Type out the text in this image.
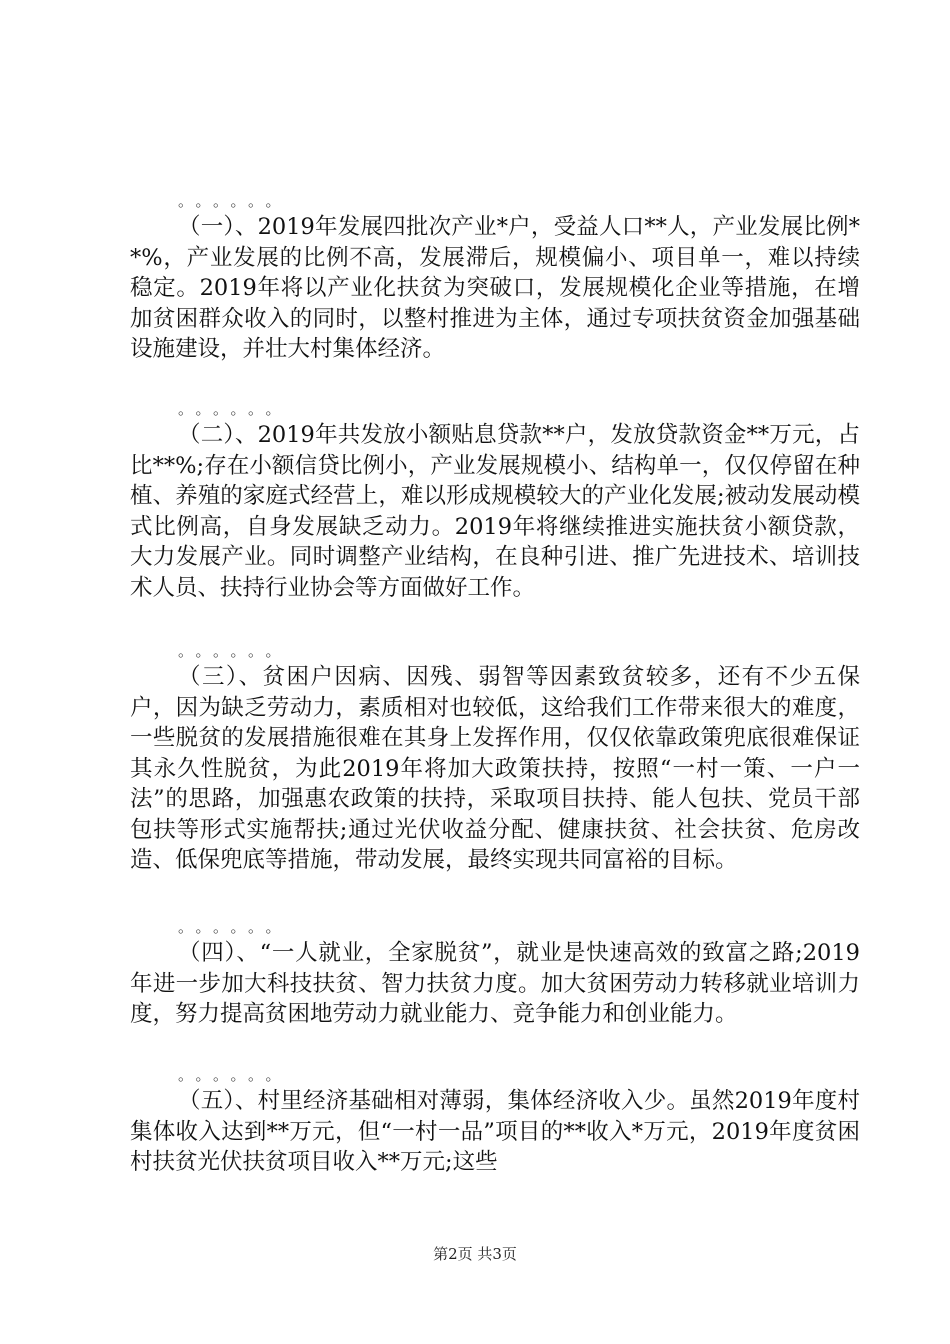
。。。。。。

（一）、2019年发展四批次产业*户，受益人口**人，产业发展比例**%，产业发展的比例不高，发展滞后，规模偏小、项目单一，难以持续稳定。2019年将以产业化扶贫为突破口，发展规模化企业等措施，在增加贫困群众收入的同时，以整村推进为主体，通过专项扶贫资金加强基础设施建设，并壮大村集体经济。

。。。。。。

（二）、2019年共发放小额贴息贷款**户，发放贷款资金**万元，占比**%;存在小额信贷比例小，产业发展规模小、结构单一，仅仅停留在种植、养殖的家庭式经营上，难以形成规模较大的产业化发展;被动发展动模式比例高，自身发展缺乏动力。2019年将继续推进实施扶贫小额贷款，大力发展产业。同时调整产业结构，在良种引进、推广先进技术、培训技术人员、扶持行业协会等方面做好工作。

。。。。。。

（三）、贫困户因病、因残、弱智等因素致贫较多，还有不少五保户，因为缺乏劳动力，素质相对也较低，这给我们工作带来很大的难度，一些脱贫的发展措施很难在其身上发挥作用，仅仅依靠政策兜底很难保证其永久性脱贫，为此2019年将加大政策扶持，按照“一村一策、一户一法”的思路，加强惠农政策的扶持，采取项目扶持、能人包扶、党员干部包扶等形式实施帮扶;通过光伏收益分配、健康扶贫、社会扶贫、危房改造、低保兜底等措施，带动发展，最终实现共同富裕的目标。

。。。。。。

（四）、“一人就业，全家脱贫”，就业是快速高效的致富之路;2019年进一步加大科技扶贫、智力扶贫力度。加大贫困劳动力转移就业培训力度，努力提高贫困地劳动力就业能力、竞争能力和创业能力。

。。。。。。

（五）、村里经济基础相对薄弱，集体经济收入少。虽然2019年度村集体收入达到**万元，但“一村一品”项目的**收入*万元，2019年度贫困村扶贫光伏扶贫项目收入**万元;这些

第2页 共3页
